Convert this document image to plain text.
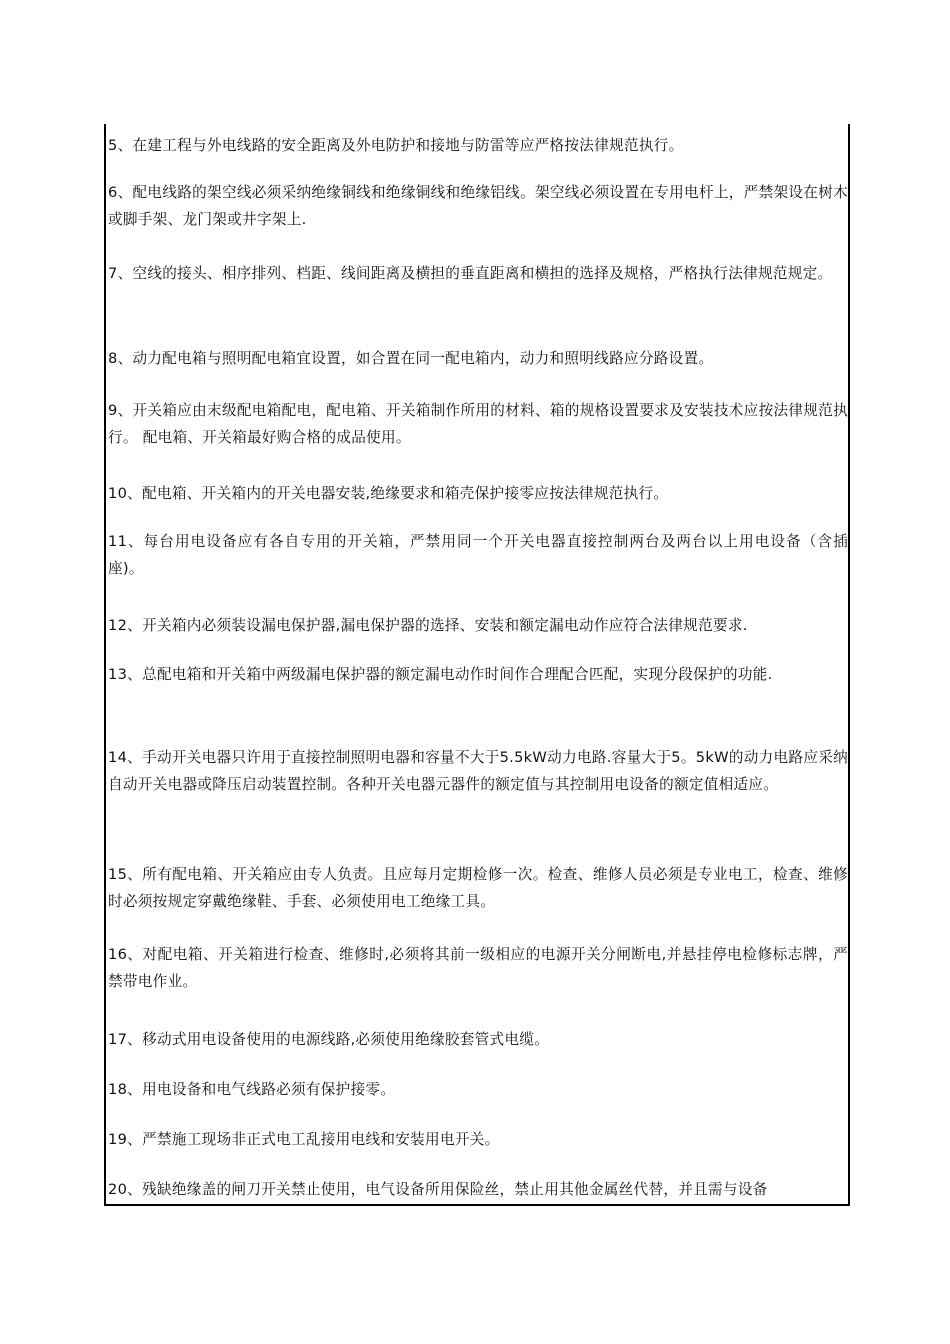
5、在建工程与外电线路的安全距离及外电防护和接地与防雷等应严格按法律规范执行。

6、配电线路的架空线必须采纳绝缘铜线和绝缘铜线和绝缘铝线。架空线必须设置在专用电杆上，严禁架设在树木或脚手架、龙门架或井字架上.

7、空线的接头、相序排列、档距、线间距离及横担的垂直距离和横担的选择及规格，严格执行法律规范规定。

8、动力配电箱与照明配电箱宜设置，如合置在同一配电箱内，动力和照明线路应分路设置。

9、开关箱应由末级配电箱配电，配电箱、开关箱制作所用的材料、箱的规格设置要求及安装技术应按法律规范执行。 配电箱、开关箱最好购合格的成品使用。

10、配电箱、开关箱内的开关电器安装,绝缘要求和箱壳保护接零应按法律规范执行。

11、每台用电设备应有各自专用的开关箱，严禁用同一个开关电器直接控制两台及两台以上用电设备（含插座)。

12、开关箱内必须装设漏电保护器,漏电保护器的选择、安装和额定漏电动作应符合法律规范要求.

13、总配电箱和开关箱中两级漏电保护器的额定漏电动作时间作合理配合匹配，实现分段保护的功能.

14、手动开关电器只许用于直接控制照明电器和容量不大于5.5kW动力电路.容量大于5。5kW的动力电路应采纳自动开关电器或降压启动装置控制。各种开关电器元器件的额定值与其控制用电设备的额定值相适应。

15、所有配电箱、开关箱应由专人负责。且应每月定期检修一次。检查、维修人员必须是专业电工，检查、维修时必须按规定穿戴绝缘鞋、手套、必须使用电工绝缘工具。

16、对配电箱、开关箱进行检查、维修时,必须将其前一级相应的电源开关分闸断电,并悬挂停电检修标志牌，严禁带电作业。

17、移动式用电设备使用的电源线路,必须使用绝缘胶套管式电缆。

18、用电设备和电气线路必须有保护接零。

19、严禁施工现场非正式电工乱接用电线和安装用电开关。

20、残缺绝缘盖的闸刀开关禁止使用，电气设备所用保险丝，禁止用其他金属丝代替，并且需与设备
